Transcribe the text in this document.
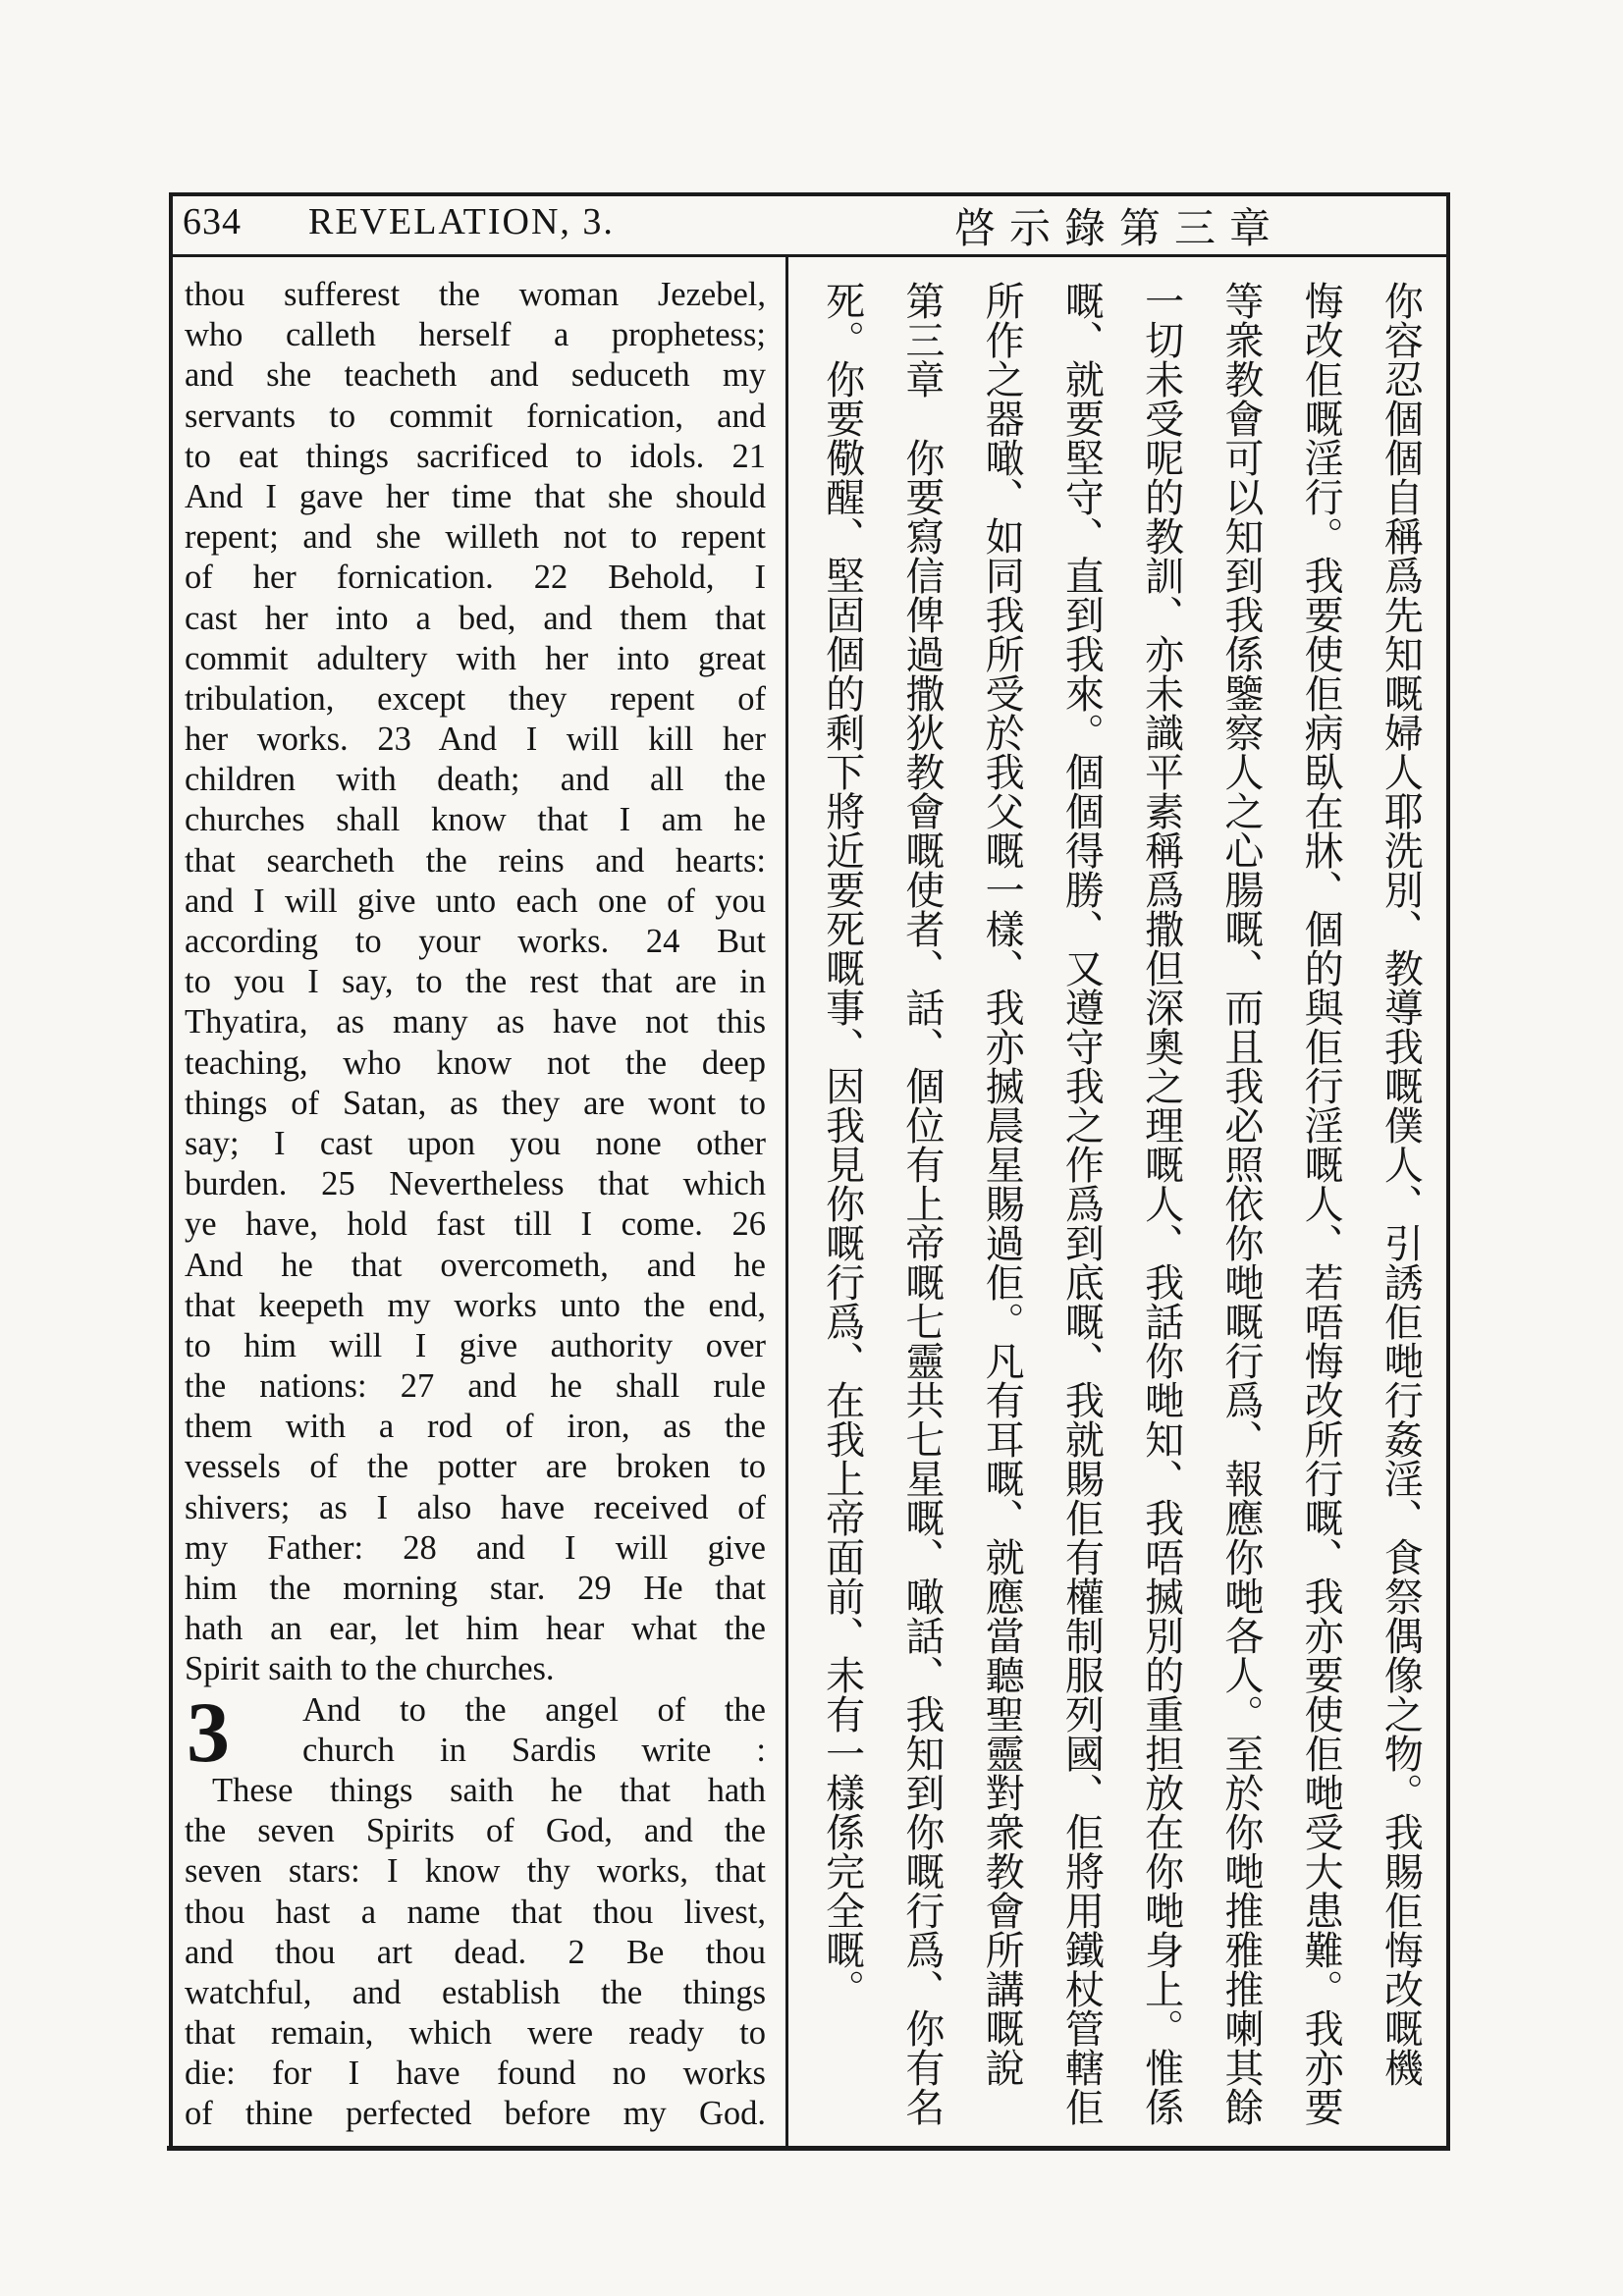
634 REVELATION, 3.	啓示錄第三章
thou sufferest the woman Jezebel,
who calleth herself a prophetess;
and she teacheth and seduceth my
servants to commit fornication, and
to eat things sacrificed to idols. 21
And I gave her time that she should
repent; and she willeth not to repent
of her fornication. 22 Behold, I
cast her into a bed, and them that
commit adultery with her into great
tribulation, except they repent of
her works. 23 And I will kill her
children with death; and all the
churches shall know that I am he
that searcheth the reins and hearts:
and I will give unto each one of you
according to your works. 24 But
to you I say, to the rest that are in
Thyatira, as many as have not this
teaching, who know not the deep
things of Satan, as they are wont to
say; I cast upon you none other
burden. 25 Nevertheless that which
ye have, hold fast till I come. 26
And he that overcometh, and he
that keepeth my works unto the end,
to him will I give authority over
the nations: 27 and he shall rule
them with a rod of iron, as the
vessels of the potter are broken to
shivers; as I also have received of
my Father: 28 and I will give
him the morning star. 29 He that
hath an ear, let him hear what the
Spirit saith to the churches.
3 And to the angel of the
church in Sardis write :
These things saith he that hath
the seven Spirits of God, and the
seven stars: I know thy works, that
thou hast a name that thou livest,
and thou art dead. 2 Be thou
watchful, and establish the things
that remain, which were ready to
die: for I have found no works
of thine perfected before my God.
你容忍個個自稱爲先知嘅婦人耶洗別、教導我嘅僕人、引誘佢哋行姦淫、食祭偶像之物。我賜佢悔改嘅機
悔改佢嘅淫行。我要使佢病臥在牀、個的與佢行淫嘅人、若唔悔改所行嘅、我亦要使佢哋受大患難。我亦要
等衆教會可以知到我係鑒察人之心腸嘅、而且我必照依你哋嘅行爲、報應你哋各人。至於你哋推雅推喇其餘
一切未受呢的教訓、亦未識平素稱爲撒但深奧之理嘅人、我話你哋知、我唔搣別的重担放在你哋身上。惟係
嘅、就要堅守、直到我來。個個得勝、又遵守我之作爲到底嘅、我就賜佢有權制服列國、佢將用鐵杖管轄佢
所作之器噉、如同我所受於我父嘅一樣、我亦搣晨星賜過佢。凡有耳嘅、就應當聽聖靈對衆教會所講嘅說
第三章　你要寫信俾過撒狄教會嘅使者、話、個位有上帝嘅七靈共七星嘅、噉話、我知到你嘅行爲、你有名
死。你要儆醒、堅固個的剩下將近要死嘅事、因我見你嘅行爲、在我上帝面前、未有一樣係完全嘅。
